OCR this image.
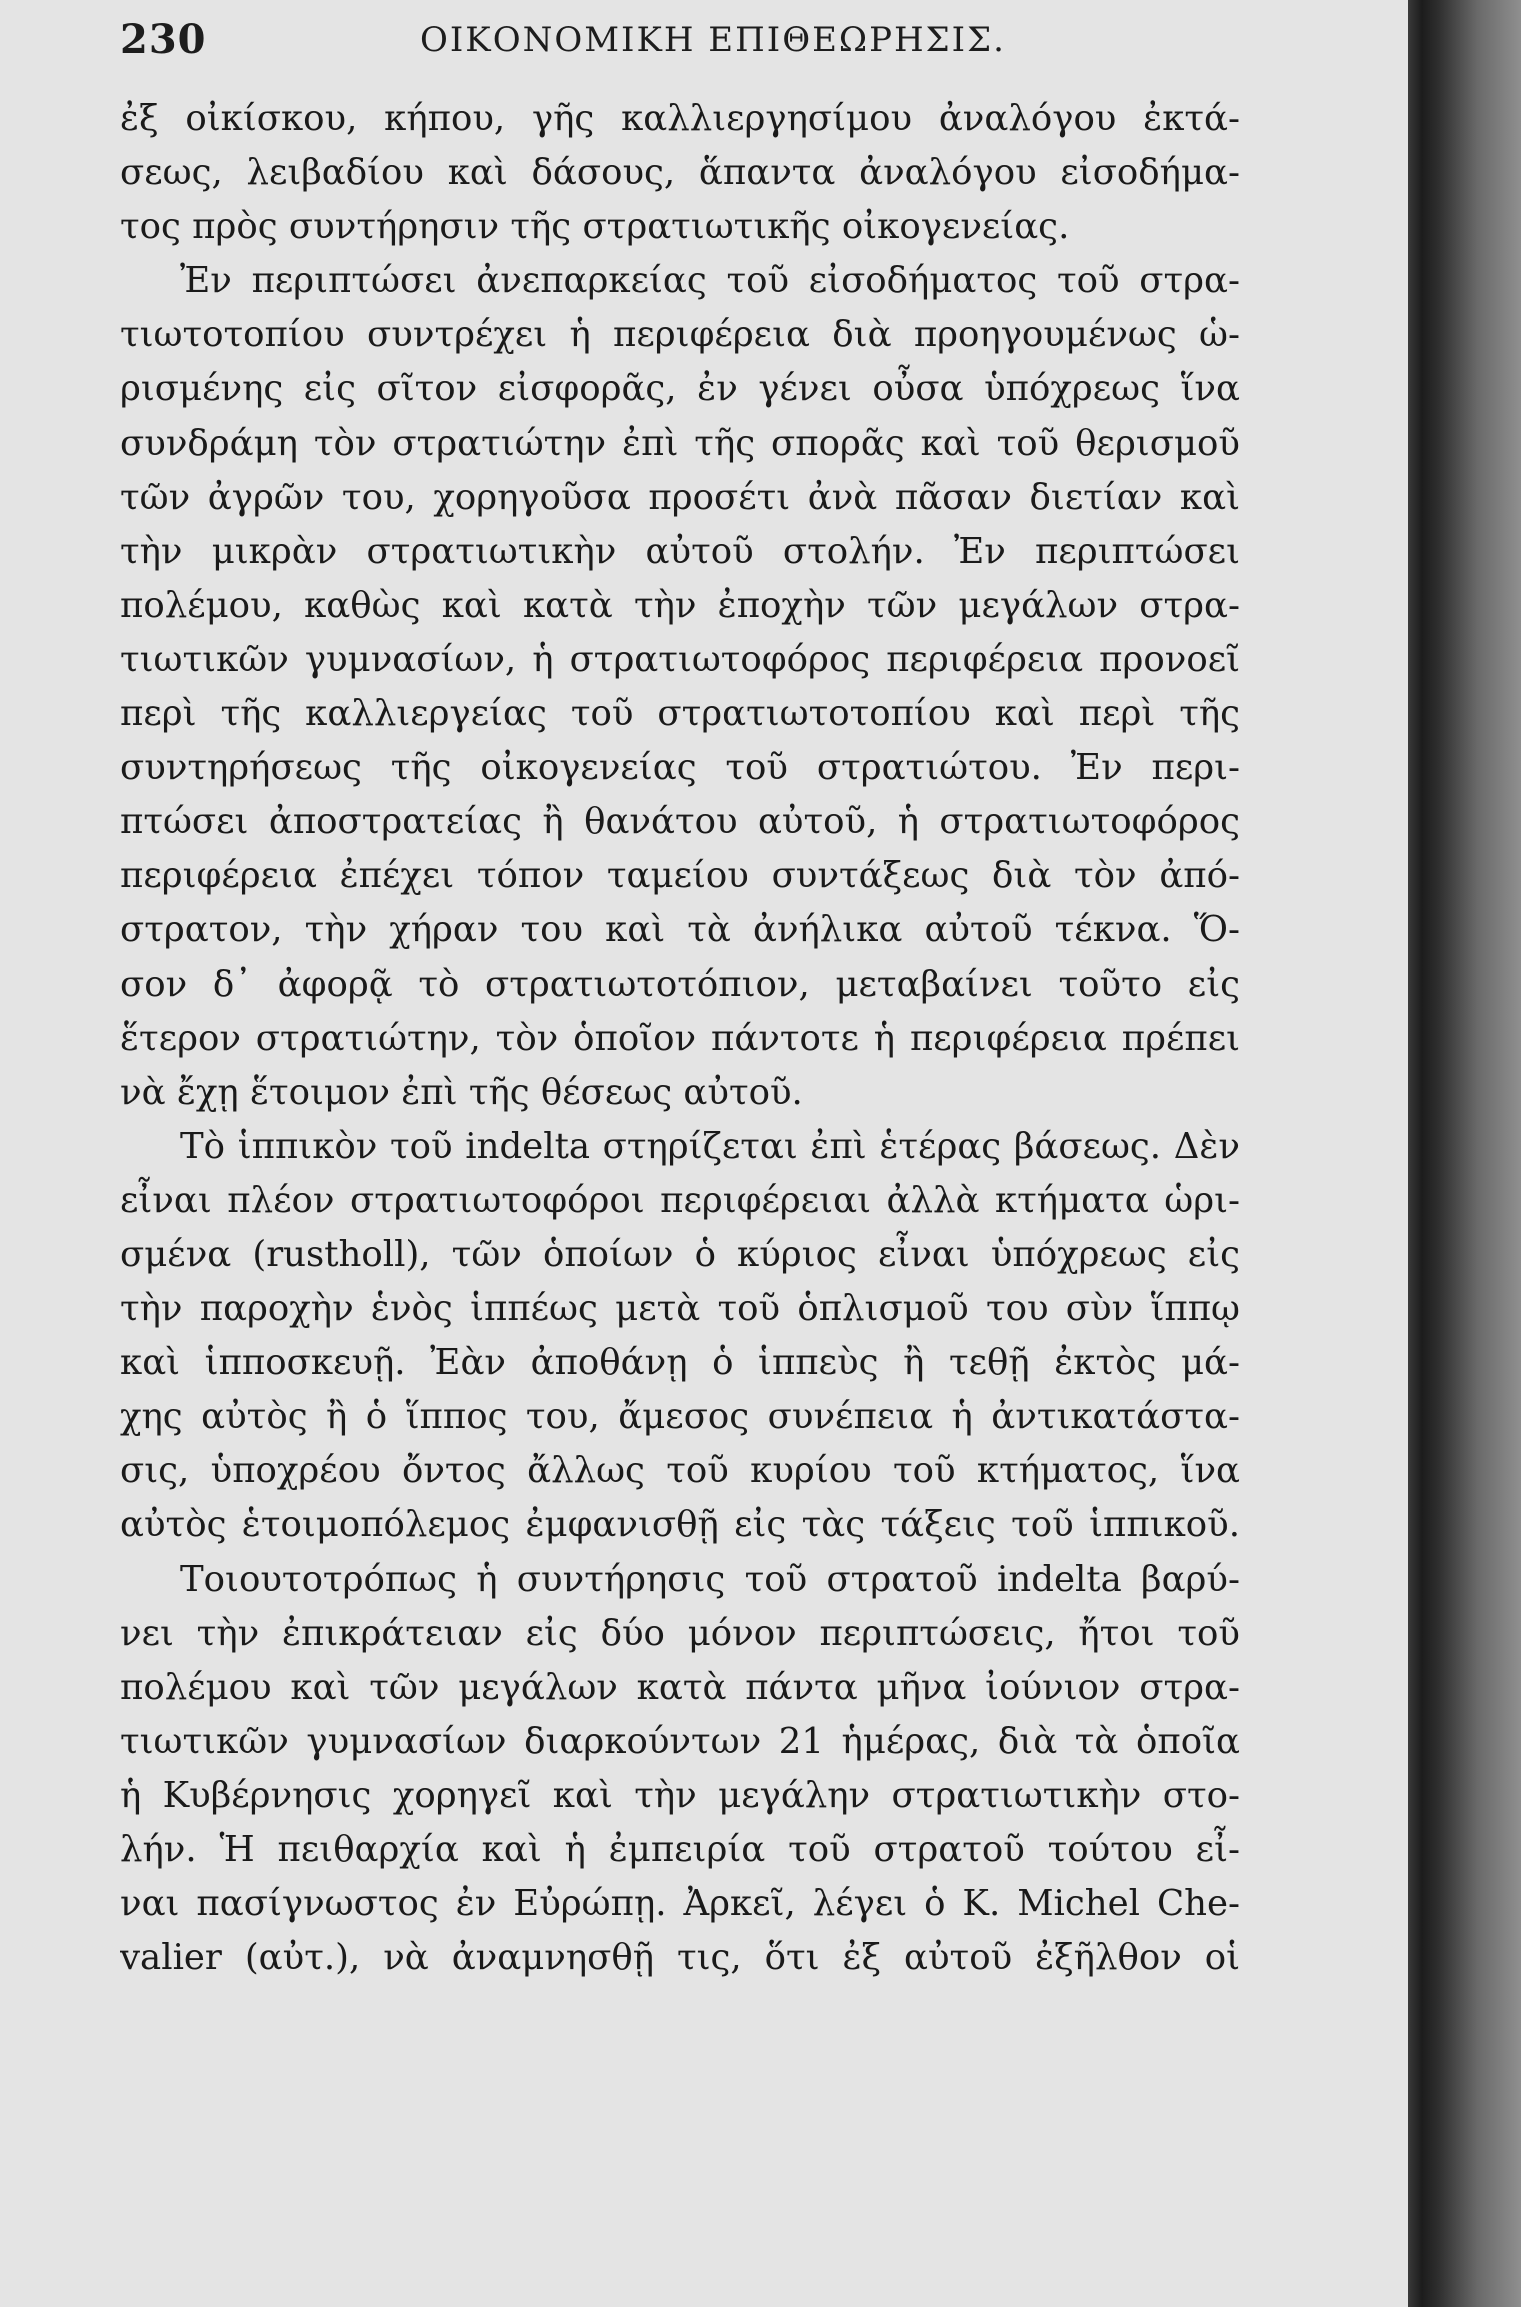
230	ΟΙΚΟΝΟΜΙΚΗ ΕΠΙΘΕΩΡΗΣΙΣ.
ἐξ οἰκίσκου, κήπου, γῆς καλλιεργησίμου ἀναλόγου ἐκτά-
σεως, λειβαδίου καὶ δάσους, ἅπαντα ἀναλόγου εἰσοδήμα-
τος πρὸς συντήρησιν τῆς στρατιωτικῆς οἰκογενείας.
Ἐν περιπτώσει ἀνεπαρκείας τοῦ εἰσοδήματος τοῦ στρα-
τιωτοτοπίου συντρέχει ἡ περιφέρεια διὰ προηγουμένως ὡ-
ρισμένης εἰς σῖτον εἰσφορᾶς, ἐν γένει οὖσα ὑπόχρεως ἵνα
συνδράμη τὸν στρατιώτην ἐπὶ τῆς σπορᾶς καὶ τοῦ θερισμοῦ
τῶν ἀγρῶν του, χορηγοῦσα προσέτι ἀνὰ πᾶσαν διετίαν καὶ
τὴν μικρὰν στρατιωτικὴν αὐτοῦ στολήν. Ἐν περιπτώσει
πολέμου, καθὼς καὶ κατὰ τὴν ἐποχὴν τῶν μεγάλων στρα-
τιωτικῶν γυμνασίων, ἡ στρατιωτοφόρος περιφέρεια προνοεῖ
περὶ τῆς καλλιεργείας τοῦ στρατιωτοτοπίου καὶ περὶ τῆς
συντηρήσεως τῆς οἰκογενείας τοῦ στρατιώτου. Ἐν περι-
πτώσει ἀποστρατείας ἢ θανάτου αὐτοῦ, ἡ στρατιωτοφόρος
περιφέρεια ἐπέχει τόπον ταμείου συντάξεως διὰ τὸν ἀπό-
στρατον, τὴν χήραν του καὶ τὰ ἀνήλικα αὐτοῦ τέκνα. Ὅ-
σον δ᾽ ἀφορᾷ τὸ στρατιωτοτόπιον, μεταβαίνει τοῦτο εἰς
ἕτερον στρατιώτην, τὸν ὁποῖον πάντοτε ἡ περιφέρεια πρέπει
νὰ ἔχῃ ἕτοιμον ἐπὶ τῆς θέσεως αὐτοῦ.
Τὸ ἱππικὸν τοῦ indelta στηρίζεται ἐπὶ ἑτέρας βάσεως. Δὲν
εἶναι πλέον στρατιωτοφόροι περιφέρειαι ἀλλὰ κτήματα ὡρι-
σμένα (rustholl), τῶν ὁποίων ὁ κύριος εἶναι ὑπόχρεως εἰς
τὴν παροχὴν ἑνὸς ἱππέως μετὰ τοῦ ὁπλισμοῦ του σὺν ἵππῳ
καὶ ἱπποσκευῇ. Ἐὰν ἀποθάνῃ ὁ ἱππεὺς ἢ τεθῇ ἐκτὸς μά-
χης αὐτὸς ἢ ὁ ἵππος του, ἄμεσος συνέπεια ἡ ἀντικατάστα-
σις, ὑποχρέου ὄντος ἄλλως τοῦ κυρίου τοῦ κτήματος, ἵνα
αὐτὸς ἑτοιμοπόλεμος ἐμφανισθῇ εἰς τὰς τάξεις τοῦ ἱππικοῦ.
Τοιουτοτρόπως ἡ συντήρησις τοῦ στρατοῦ indelta βαρύ-
νει τὴν ἐπικράτειαν εἰς δύο μόνον περιπτώσεις, ἤτοι τοῦ
πολέμου καὶ τῶν μεγάλων κατὰ πάντα μῆνα ἰούνιον στρα-
τιωτικῶν γυμνασίων διαρκούντων 21 ἡμέρας, διὰ τὰ ὁποῖα
ἡ Κυβέρνησις χορηγεῖ καὶ τὴν μεγάλην στρατιωτικὴν στο-
λήν. Ἡ πειθαρχία καὶ ἡ ἐμπειρία τοῦ στρατοῦ τούτου εἶ-
ναι πασίγνωστος ἐν Εὐρώπῃ. Ἀρκεῖ, λέγει ὁ Κ. Michel Che-
valier (αὐτ.), νὰ ἀναμνησθῇ τις, ὅτι ἐξ αὐτοῦ ἐξῆλθον οἱ
